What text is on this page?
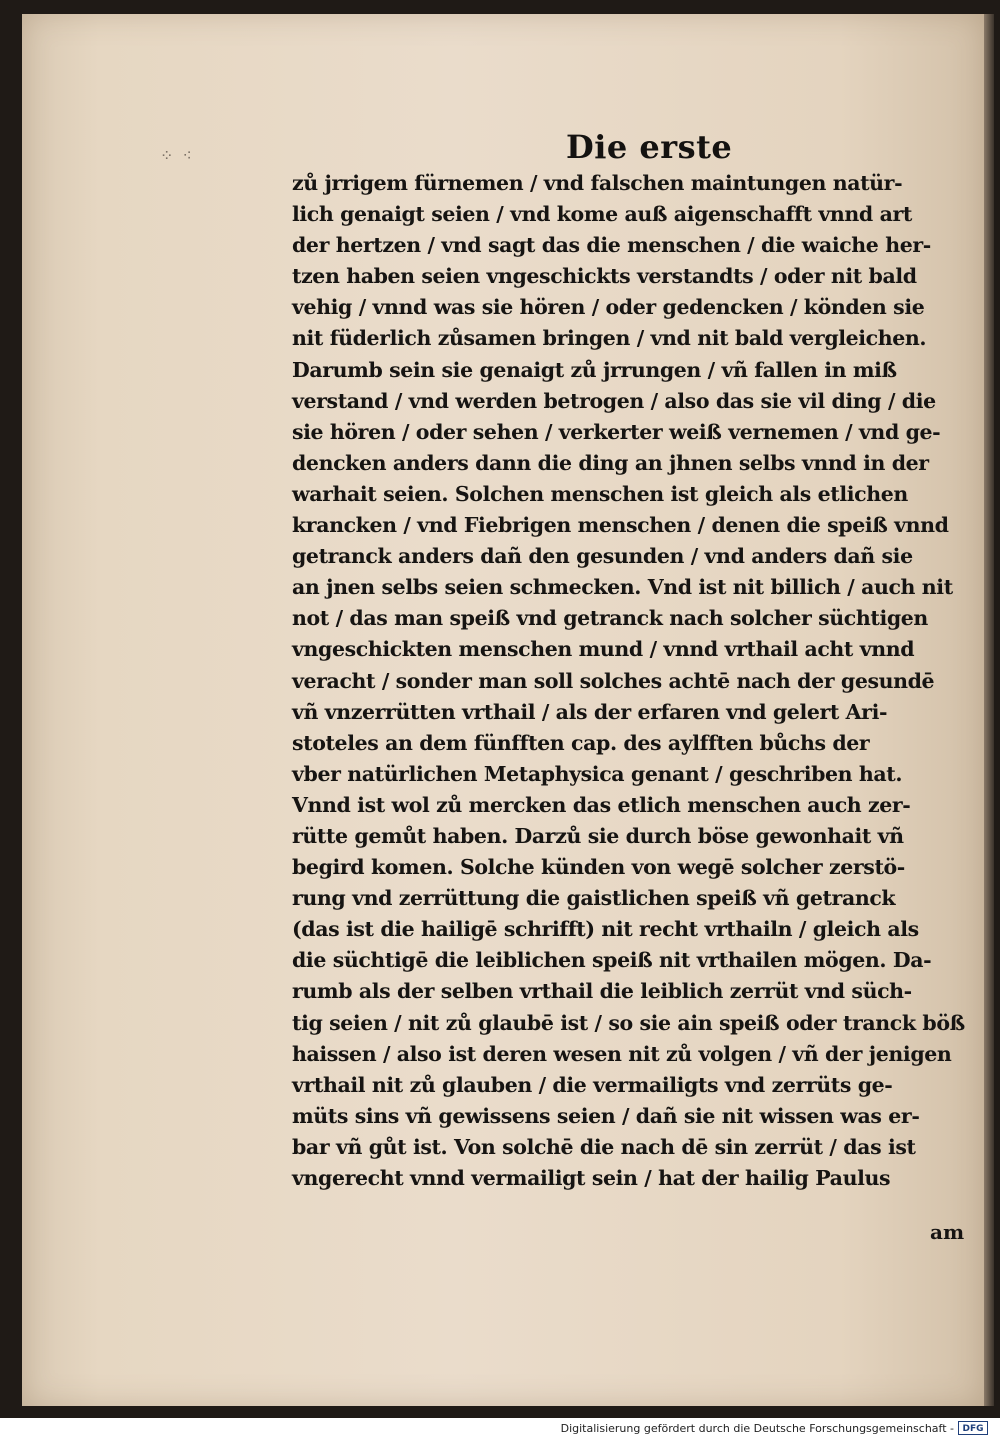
⁘ ⁖	Die erste
zů jrrigem fürnemen / vnd falschen maintungen natür-
lich genaigt seien / vnd kome auß aigenschafft vnnd art
der hertzen / vnd sagt das die menschen / die waiche her-
tzen haben seien vngeschickts verstandts / oder nit bald
vehig / vnnd was sie hören / oder gedencken / könden sie
nit füderlich zůsamen bringen / vnd nit bald vergleichen.
Darumb sein sie genaigt zů jrrungen / vñ fallen in miß
verstand / vnd werden betrogen / also das sie vil ding / die
sie hören / oder sehen / verkerter weiß vernemen / vnd ge-
dencken anders dann die ding an jhnen selbs vnnd in der
warhait seien. Solchen menschen ist gleich als etlichen
krancken / vnd Fiebrigen menschen / denen die speiß vnnd
getranck anders dañ den gesunden / vnd anders dañ sie
an jnen selbs seien schmecken. Vnd ist nit billich / auch nit
not / das man speiß vnd getranck nach solcher süchtigen
vngeschickten menschen mund / vnnd vrthail acht vnnd
veracht / sonder man soll solches achtē nach der gesundē
vñ vnzerrütten vrthail / als der erfaren vnd gelert Ari-
stoteles an dem fünfften cap. des aylfften bůchs der
vber natürlichen Metaphysica genant / geschriben hat.
Vnnd ist wol zů mercken das etlich menschen auch zer-
rütte gemůt haben. Darzů sie durch böse gewonhait vñ
begird komen. Solche künden von wegē solcher zerstö-
rung vnd zerrüttung die gaistlichen speiß vñ getranck
(das ist die hailigē schrifft) nit recht vrthailn / gleich als
die süchtigē die leiblichen speiß nit vrthailen mögen. Da-
rumb als der selben vrthail die leiblich zerrüt vnd süch-
tig seien / nit zů glaubē ist / so sie ain speiß oder tranck böß
haissen / also ist deren wesen nit zů volgen / vñ der jenigen
vrthail nit zů glauben / die vermailigts vnd zerrüts ge-
müts sins vñ gewissens seien / dañ sie nit wissen was er-
bar vñ gůt ist. Von solchē die nach dē sin zerrüt / das ist
vngerecht vnnd vermailigt sein / hat der hailig Paulus
am
Digitalisierung gefördert durch die Deutsche Forschungsgemeinschaft - DFG
